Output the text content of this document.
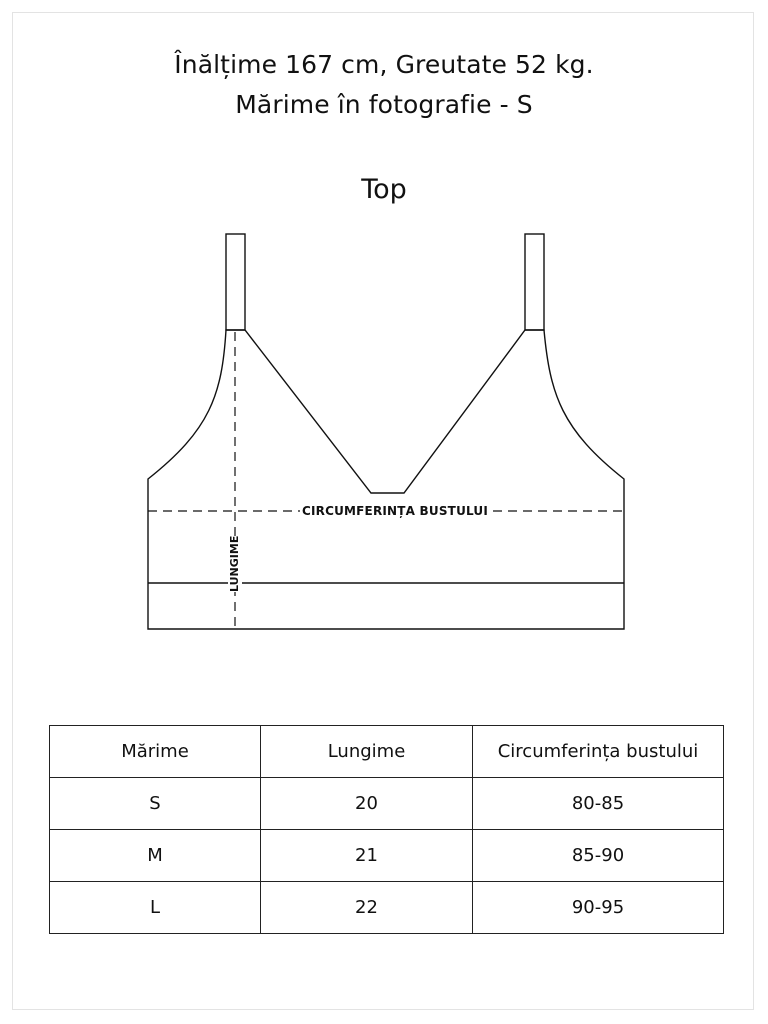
Înălțime 167 cm, Greutate 52 kg.
Mărime în fotografie - S
Top
CIRCUMFERINȚA BUSTULUI
LUNGIME
Mărime	Lungime	Circumferința bustului
S	20	80-85
M	21	85-90
L	22	90-95
